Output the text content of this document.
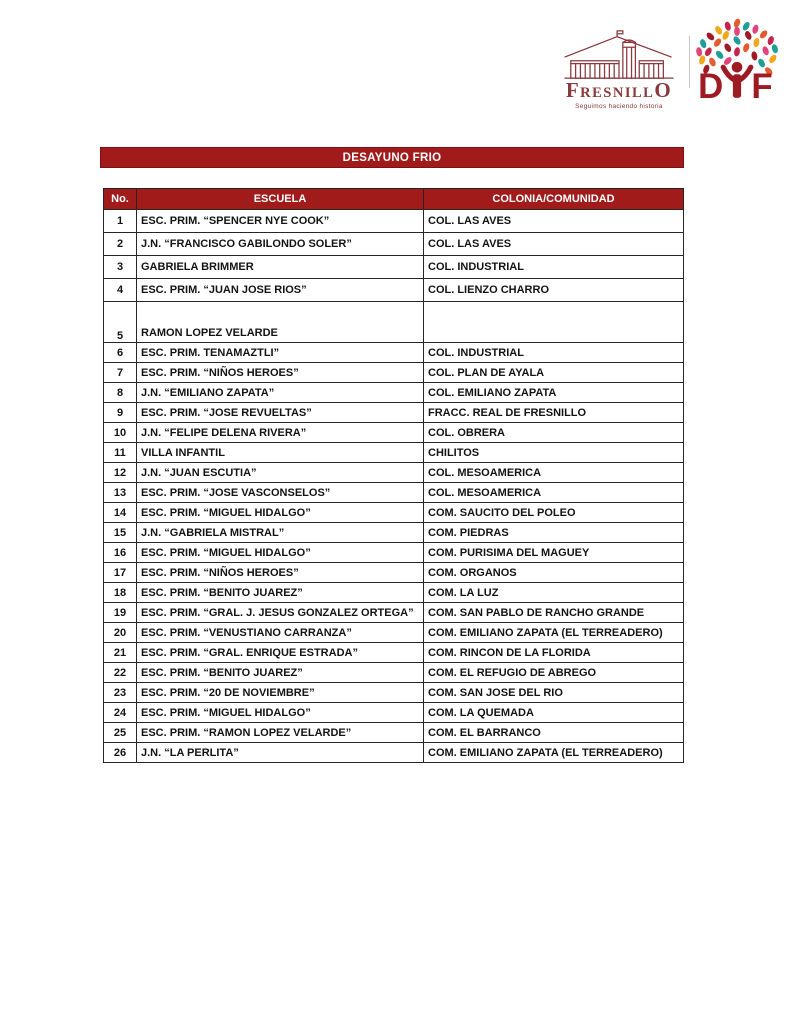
FRESNILLO
Seguimos haciendo historia
D F
DESAYUNO FRIO
No.	ESCUELA	COLONIA/COMUNIDAD
1	ESC. PRIM. “SPENCER NYE COOK”	COL. LAS AVES
2	J.N. “FRANCISCO GABILONDO SOLER”	COL. LAS AVES
3	GABRIELA BRIMMER	COL. INDUSTRIAL
4	ESC. PRIM. “JUAN JOSE RIOS”	COL. LIENZO CHARRO
5	RAMON LOPEZ VELARDE	
6	ESC. PRIM. TENAMAZTLI”	COL. INDUSTRIAL
7	ESC. PRIM. “NIÑOS HEROES”	COL. PLAN DE AYALA
8	J.N. “EMILIANO ZAPATA”	COL. EMILIANO ZAPATA
9	ESC. PRIM. “JOSE REVUELTAS”	FRACC. REAL DE FRESNILLO
10	J.N. “FELIPE DELENA RIVERA”	COL. OBRERA
11	VILLA INFANTIL	CHILITOS
12	J.N. “JUAN ESCUTIA”	COL. MESOAMERICA
13	ESC. PRIM. “JOSE VASCONSELOS”	COL. MESOAMERICA
14	ESC. PRIM. “MIGUEL HIDALGO”	COM. SAUCITO DEL POLEO
15	J.N. “GABRIELA MISTRAL”	COM. PIEDRAS
16	ESC. PRIM. “MIGUEL HIDALGO”	COM. PURISIMA DEL MAGUEY
17	ESC. PRIM. “NIÑOS HEROES”	COM. ORGANOS
18	ESC. PRIM. “BENITO JUAREZ”	COM. LA LUZ
19	ESC. PRIM. “GRAL. J. JESUS GONZALEZ ORTEGA”	COM. SAN PABLO DE RANCHO GRANDE
20	ESC. PRIM. “VENUSTIANO CARRANZA”	COM. EMILIANO ZAPATA (EL TERREADERO)
21	ESC. PRIM. “GRAL. ENRIQUE ESTRADA”	COM. RINCON DE LA FLORIDA
22	ESC. PRIM. “BENITO JUAREZ”	COM. EL REFUGIO DE ABREGO
23	ESC. PRIM. “20 DE NOVIEMBRE”	COM. SAN JOSE DEL RIO
24	ESC. PRIM. “MIGUEL HIDALGO”	COM. LA QUEMADA
25	ESC. PRIM. “RAMON LOPEZ VELARDE”	COM. EL BARRANCO
26	J.N. “LA PERLITA”	COM. EMILIANO ZAPATA (EL TERREADERO)
